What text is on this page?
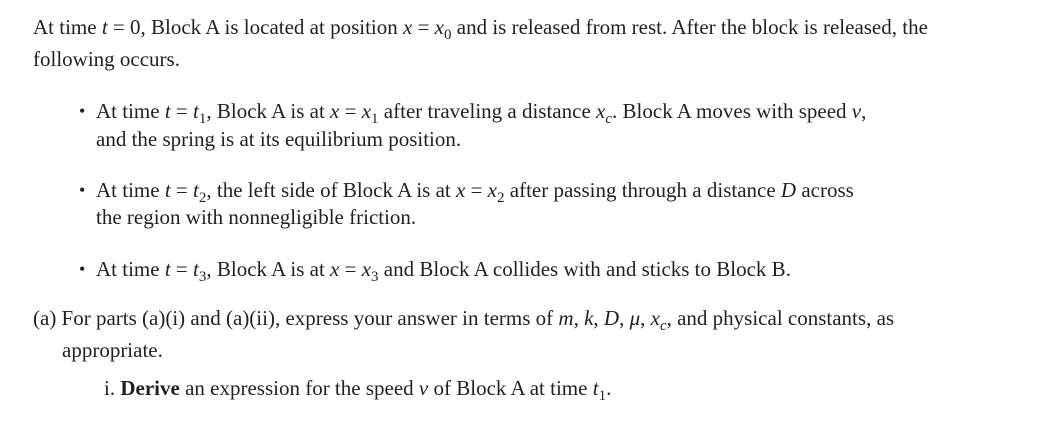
At time t = 0, Block A is located at position $x = x_0$ and is released from rest. After the block is released, the
following occurs.
• At time $t = t_1$, Block A is at $x = x_1$ after traveling a distance $x_c$. Block A moves with speed v,
and the spring is at its equilibrium position.
• At time $t = t_2$, the left side of Block A is at $x = x_2$ after passing through a distance D across
the region with nonnegligible friction.
• At time $t = t_3$, Block A is at $x = x_3$ and Block A collides with and sticks to Block B.
(a) For parts (a)(i) and (a)(ii), express your answer in terms of m, k, D, μ, $x_c$, and physical constants, as
appropriate.
i. Derive an expression for the speed v of Block A at time $t_1$.
